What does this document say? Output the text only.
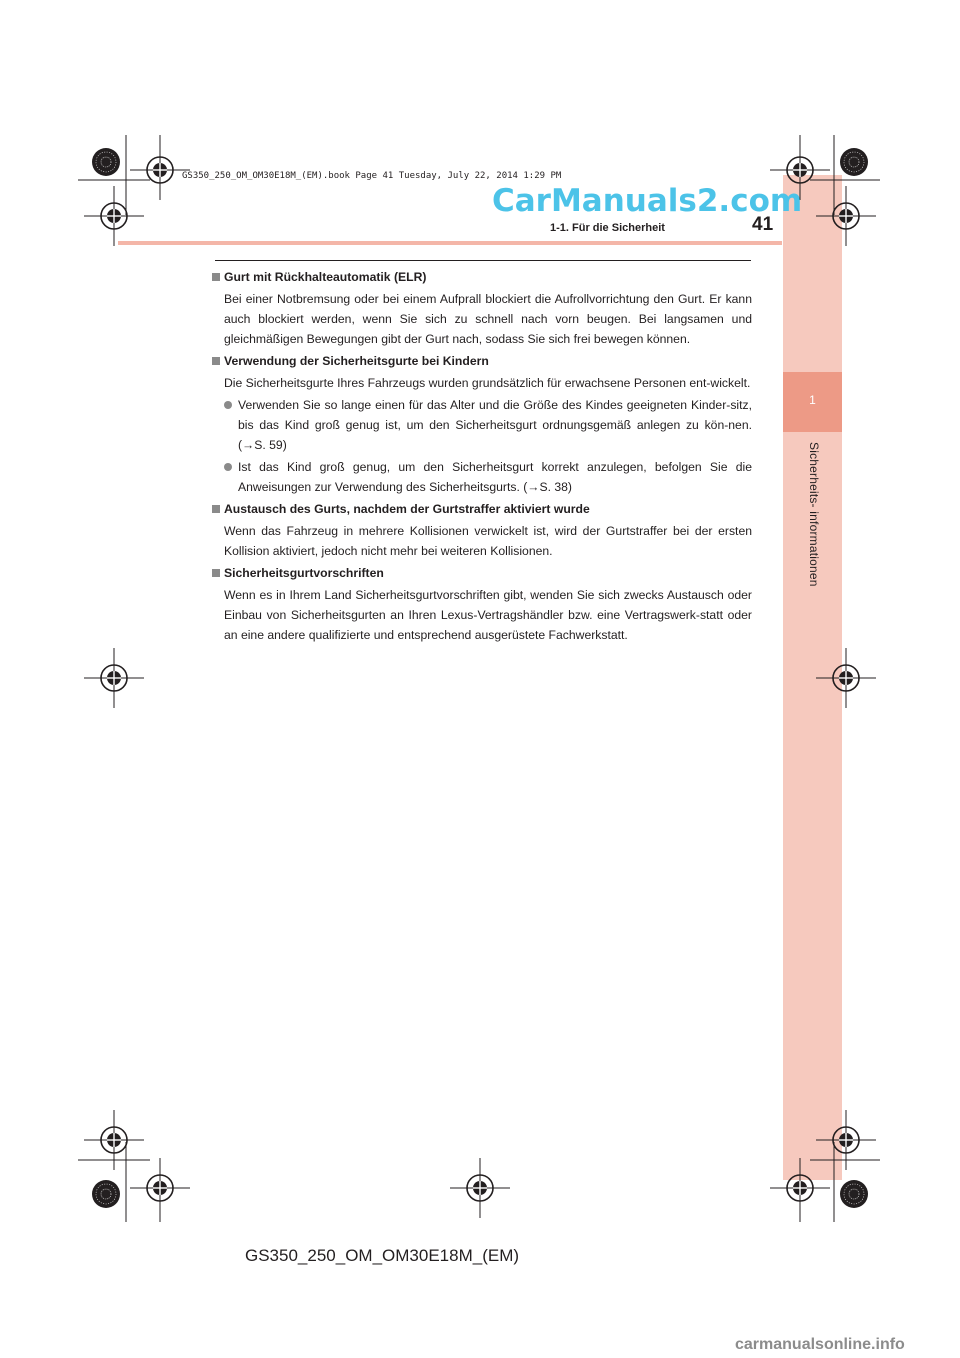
1
Sicherheits- informationen
GS350_250_OM_OM30E18M_(EM).book Page 41 Tuesday, July 22, 2014 1:29 PM
CarManuals2.com
1-1. Für die Sicherheit	41
Gurt mit Rückhalteautomatik (ELR)
Bei einer Notbremsung oder bei einem Aufprall blockiert die Aufrollvorrichtung den Gurt. Er kann auch blockiert werden, wenn Sie sich zu schnell nach vorn beugen. Bei langsamen und gleichmäßigen Bewegungen gibt der Gurt nach, sodass Sie sich frei bewegen können.
Verwendung der Sicherheitsgurte bei Kindern
Die Sicherheitsgurte Ihres Fahrzeugs wurden grundsätzlich für erwachsene Personen ent-wickelt.
Verwenden Sie so lange einen für das Alter und die Größe des Kindes geeigneten Kinder-sitz, bis das Kind groß genug ist, um den Sicherheitsgurt ordnungsgemäß anlegen zu kön-nen. (→S. 59)
Ist das Kind groß genug, um den Sicherheitsgurt korrekt anzulegen, befolgen Sie die Anweisungen zur Verwendung des Sicherheitsgurts. (→S. 38)
Austausch des Gurts, nachdem der Gurtstraffer aktiviert wurde
Wenn das Fahrzeug in mehrere Kollisionen verwickelt ist, wird der Gurtstraffer bei der ersten Kollision aktiviert, jedoch nicht mehr bei weiteren Kollisionen.
Sicherheitsgurtvorschriften
Wenn es in Ihrem Land Sicherheitsgurtvorschriften gibt, wenden Sie sich zwecks Austausch oder Einbau von Sicherheitsgurten an Ihren Lexus-Vertragshändler bzw. eine Vertragswerk-statt oder an eine andere qualifizierte und entsprechend ausgerüstete Fachwerkstatt.
GS350_250_OM_OM30E18M_(EM)
carmanualsonline.info
